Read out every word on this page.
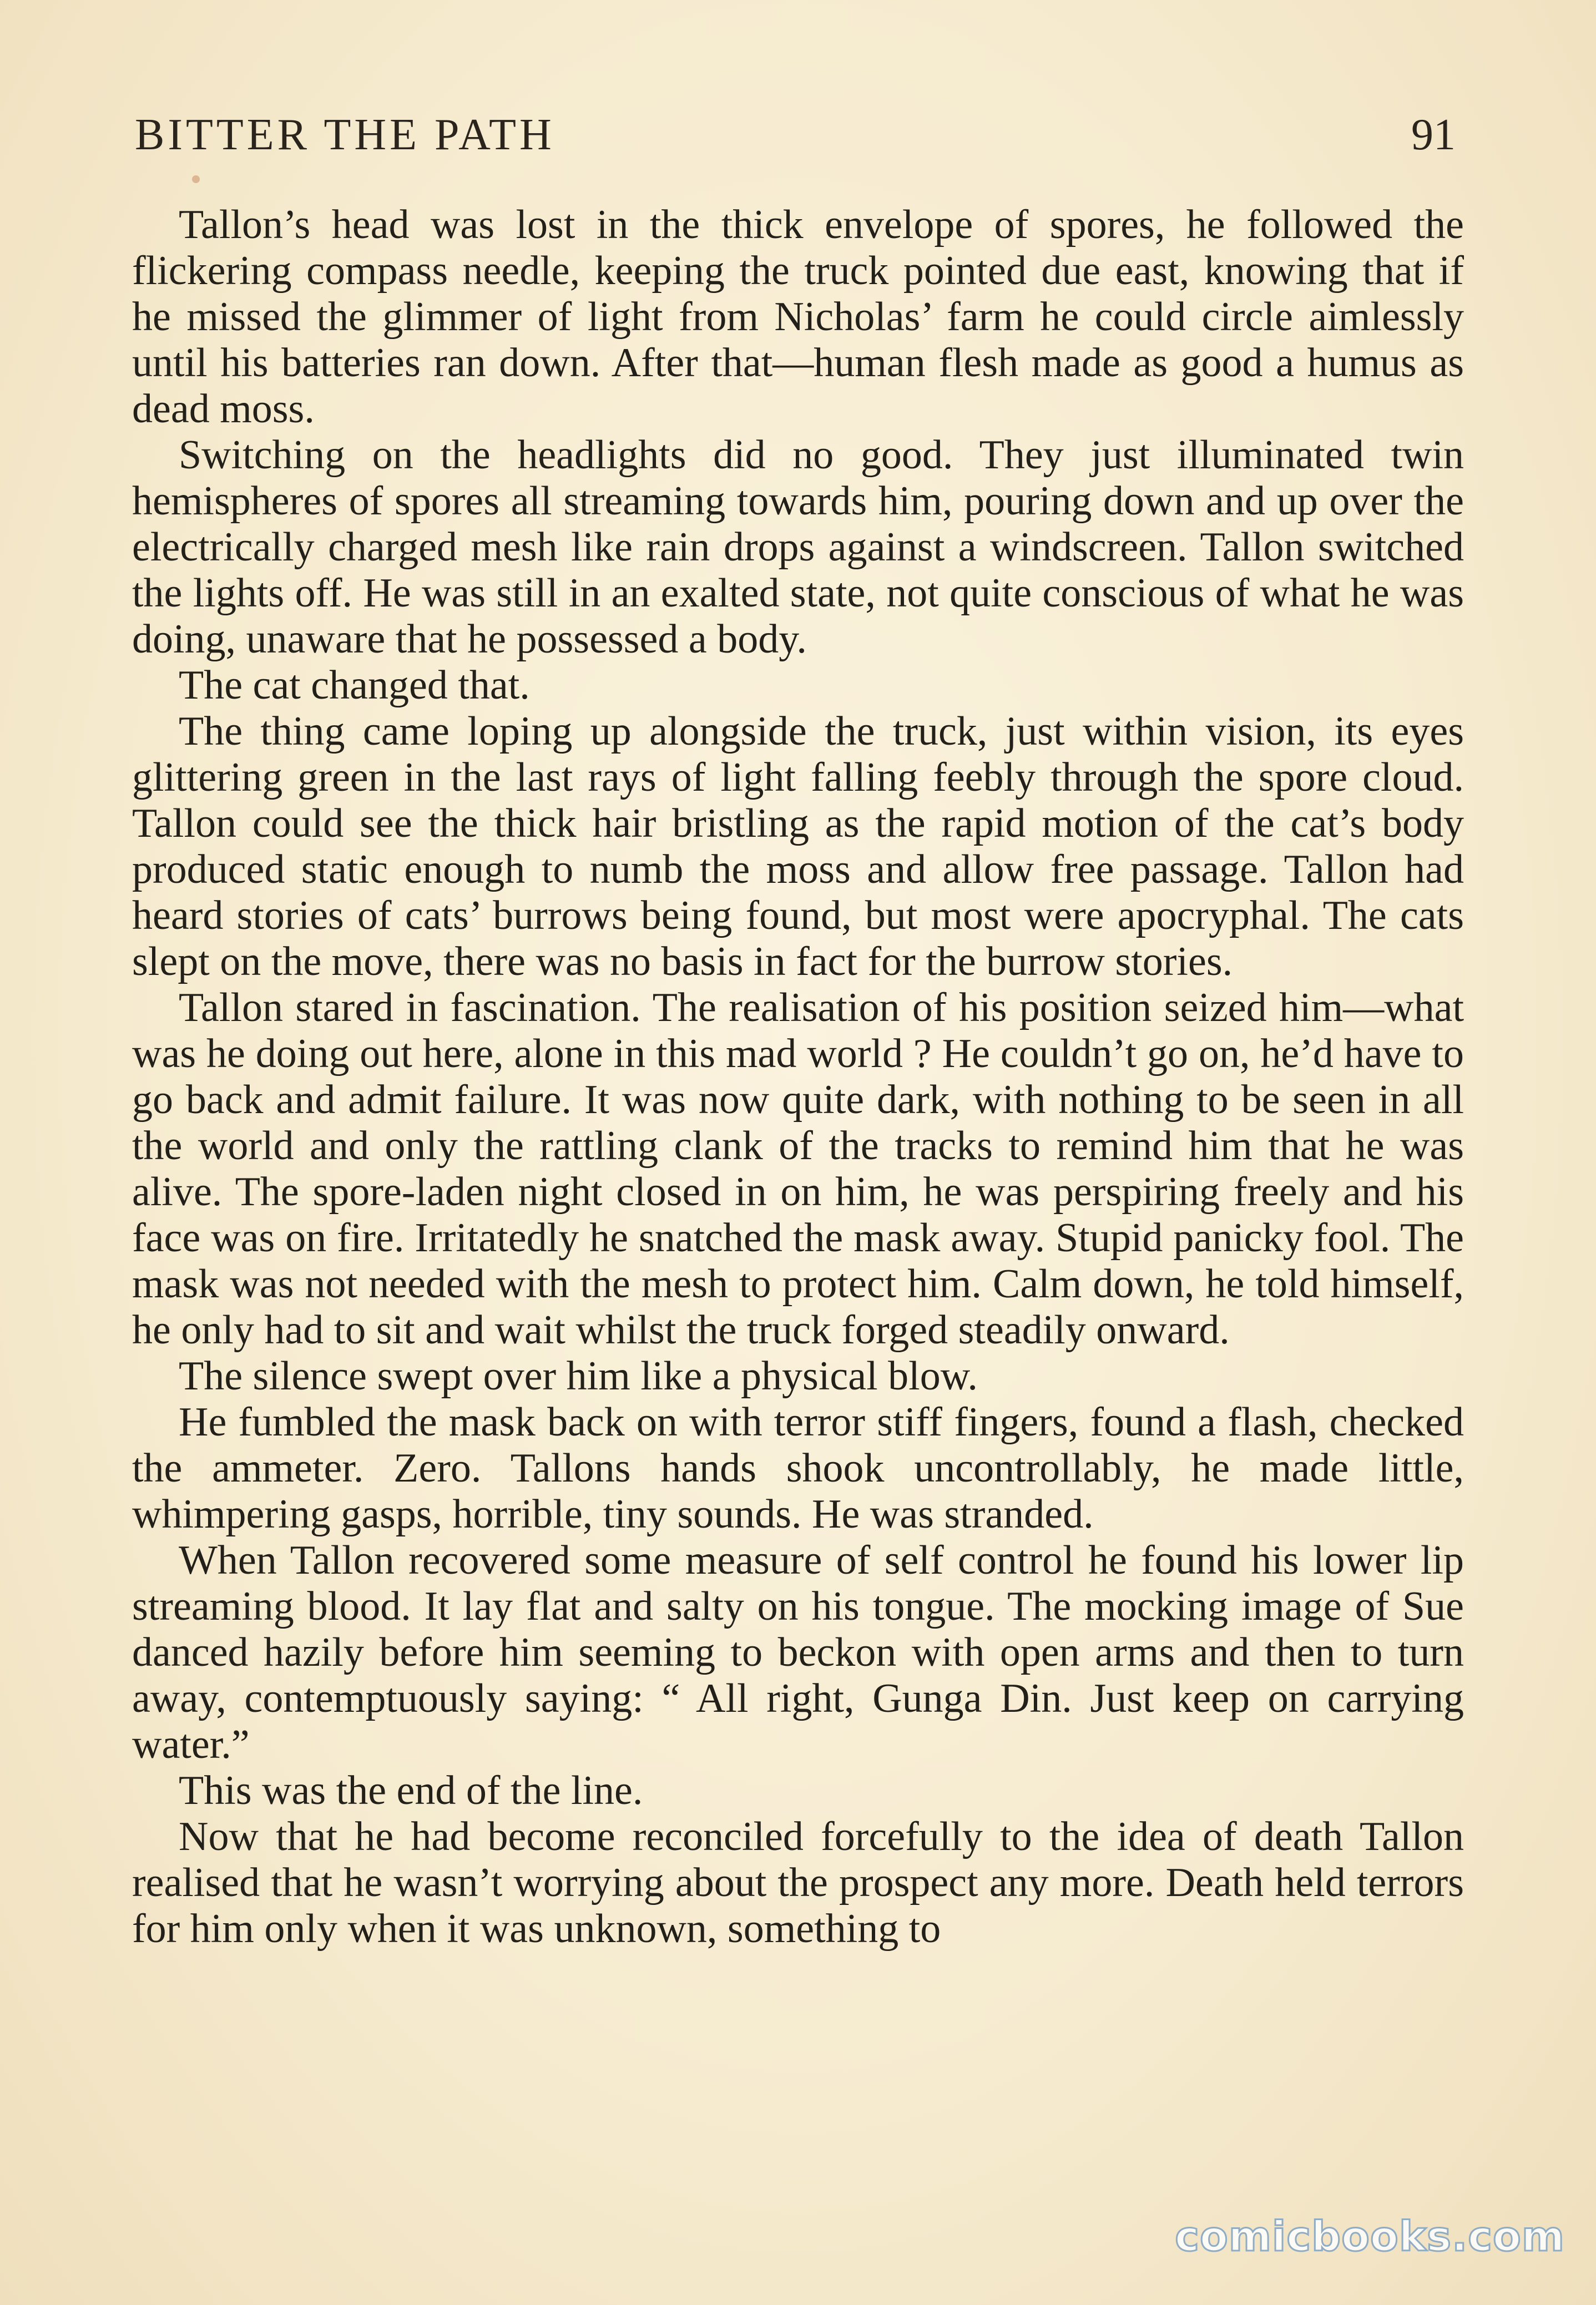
BITTER THE PATH	91

Tallon’s head was lost in the thick envelope of spores, he followed the flickering compass needle, keeping the truck pointed due east, knowing that if he missed the glimmer of light from Nicholas’ farm he could circle aimlessly until his batteries ran down. After that—human flesh made as good a humus as dead moss.

Switching on the headlights did no good. They just illuminated twin hemispheres of spores all streaming towards him, pouring down and up over the electrically charged mesh like rain drops against a windscreen. Tallon switched the lights off. He was still in an exalted state, not quite conscious of what he was doing, unaware that he possessed a body.

The cat changed that.

The thing came loping up alongside the truck, just within vision, its eyes glittering green in the last rays of light falling feebly through the spore cloud. Tallon could see the thick hair bristling as the rapid motion of the cat’s body produced static enough to numb the moss and allow free passage. Tallon had heard stories of cats’ burrows being found, but most were apocryphal. The cats slept on the move, there was no basis in fact for the burrow stories.

Tallon stared in fascination. The realisation of his position seized him—what was he doing out here, alone in this mad world ? He couldn’t go on, he’d have to go back and admit failure. It was now quite dark, with nothing to be seen in all the world and only the rattling clank of the tracks to remind him that he was alive. The spore-laden night closed in on him, he was perspiring freely and his face was on fire. Irritatedly he snatched the mask away. Stupid panicky fool. The mask was not needed with the mesh to protect him. Calm down, he told himself, he only had to sit and wait whilst the truck forged steadily onward.

The silence swept over him like a physical blow.

He fumbled the mask back on with terror stiff fingers, found a flash, checked the ammeter. Zero. Tallons hands shook uncontrollably, he made little, whimpering gasps, horrible, tiny sounds. He was stranded.

When Tallon recovered some measure of self control he found his lower lip streaming blood. It lay flat and salty on his tongue. The mocking image of Sue danced hazily before him seeming to beckon with open arms and then to turn away, contemptuously saying: “ All right, Gunga Din. Just keep on carrying water.”

This was the end of the line.

Now that he had become reconciled forcefully to the idea of death Tallon realised that he wasn’t worrying about the prospect any more. Death held terrors for him only when it was unknown, something to

comicbooks.com
